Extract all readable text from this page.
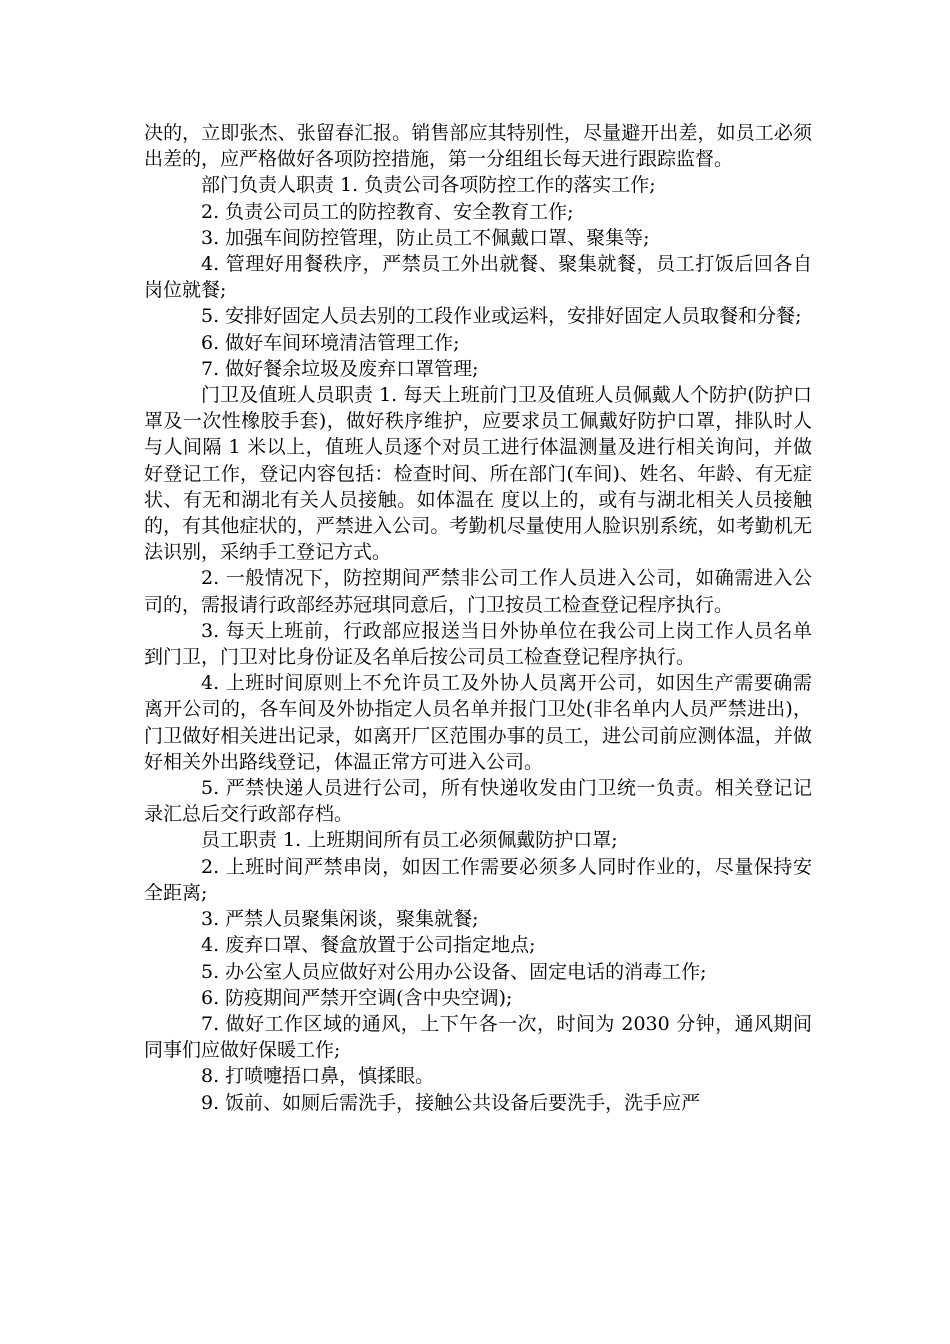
决的，立即张杰、张留春汇报。销售部应其特别性，尽量避开出差，如员工必须出差的，应严格做好各项防控措施，第一分组组长每天进行跟踪监督。

部门负责人职责 1. 负责公司各项防控工作的落实工作;

2. 负责公司员工的防控教育、安全教育工作;

3. 加强车间防控管理，防止员工不佩戴口罩、聚集等;

4. 管理好用餐秩序，严禁员工外出就餐、聚集就餐，员工打饭后回各自岗位就餐;

5. 安排好固定人员去别的工段作业或运料，安排好固定人员取餐和分餐;

6. 做好车间环境清洁管理工作;

7. 做好餐余垃圾及废弃口罩管理;

门卫及值班人员职责 1. 每天上班前门卫及值班人员佩戴人个防护(防护口罩及一次性橡胶手套)，做好秩序维护，应要求员工佩戴好防护口罩，排队时人与人间隔 1 米以上，值班人员逐个对员工进行体温测量及进行相关询问，并做好登记工作，登记内容包括：检查时间、所在部门(车间)、姓名、年龄、有无症状、有无和湖北有关人员接触。如体温在 度以上的，或有与湖北相关人员接触的，有其他症状的，严禁进入公司。考勤机尽量使用人脸识别系统，如考勤机无法识别，采纳手工登记方式。

2. 一般情况下，防控期间严禁非公司工作人员进入公司，如确需进入公司的，需报请行政部经苏冠琪同意后，门卫按员工检查登记程序执行。

3. 每天上班前，行政部应报送当日外协单位在我公司上岗工作人员名单到门卫，门卫对比身份证及名单后按公司员工检查登记程序执行。

4. 上班时间原则上不允许员工及外协人员离开公司，如因生产需要确需离开公司的，各车间及外协指定人员名单并报门卫处(非名单内人员严禁进出)，门卫做好相关进出记录，如离开厂区范围办事的员工，进公司前应测体温，并做好相关外出路线登记，体温正常方可进入公司。

5. 严禁快递人员进行公司，所有快递收发由门卫统一负责。相关登记记录汇总后交行政部存档。

员工职责 1. 上班期间所有员工必须佩戴防护口罩;

2. 上班时间严禁串岗，如因工作需要必须多人同时作业的，尽量保持安全距离;

3. 严禁人员聚集闲谈，聚集就餐;

4. 废弃口罩、餐盒放置于公司指定地点;

5. 办公室人员应做好对公用办公设备、固定电话的消毒工作;

6. 防疫期间严禁开空调(含中央空调);

7. 做好工作区域的通风，上下午各一次，时间为 2030 分钟，通风期间同事们应做好保暖工作;

8. 打喷嚏捂口鼻，慎揉眼。

9. 饭前、如厕后需洗手，接触公共设备后要洗手，洗手应严
